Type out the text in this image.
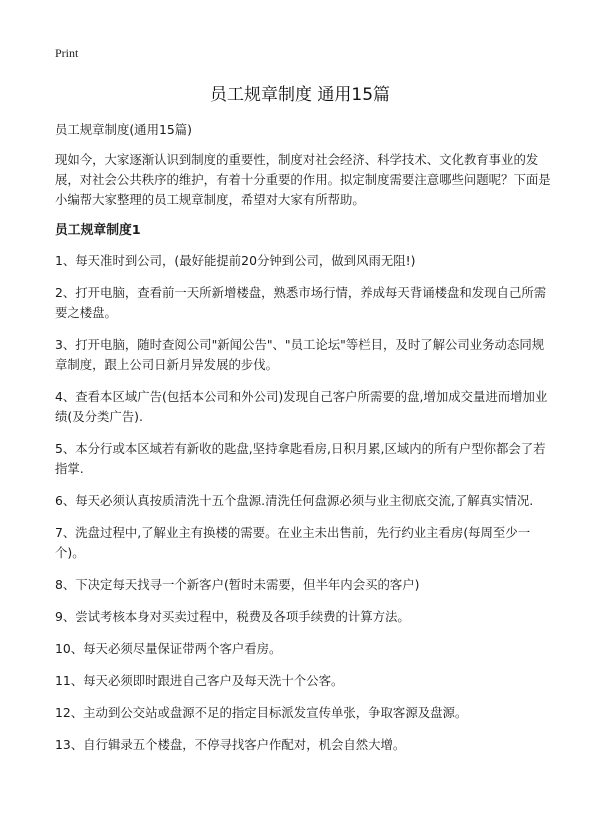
Print
员工规章制度 通用15篇

员工规章制度(通用15篇)

现如今，大家逐渐认识到制度的重要性，制度对社会经济、科学技术、文化教育事业的发展，对社会公共秩序的维护，有着十分重要的作用。拟定制度需要注意哪些问题呢？下面是小编帮大家整理的员工规章制度，希望对大家有所帮助。

员工规章制度1

1、每天准时到公司，(最好能提前20分钟到公司，做到风雨无阻!)

2、打开电脑，查看前一天所新增楼盘，熟悉市场行情，养成每天背诵楼盘和发现自己所需要之楼盘。

3、打开电脑，随时查阅公司"新闻公告"、"员工论坛"等栏目，及时了解公司业务动态同规章制度，跟上公司日新月异发展的步伐。

4、查看本区域广告(包括本公司和外公司)发现自己客户所需要的盘,增加成交量进而增加业绩(及分类广告).

5、本分行或本区域若有新收的匙盘,坚持拿匙看房,日积月累,区域内的所有户型你都会了若指掌.

6、每天必须认真按质清洗十五个盘源.清洗任何盘源必须与业主彻底交流,了解真实情况.

7、洗盘过程中,了解业主有换楼的需要。在业主未出售前，先行约业主看房(每周至少一个)。

8、下决定每天找寻一个新客户(暂时未需要，但半年内会买的客户)

9、尝试考核本身对买卖过程中，税费及各项手续费的计算方法。

10、每天必须尽量保证带两个客户看房。

11、每天必须即时跟进自己客户及每天洗十个公客。

12、主动到公交站或盘源不足的指定目标派发宣传单张，争取客源及盘源。

13、自行辑录五个楼盘，不停寻找客户作配对，机会自然大增。
